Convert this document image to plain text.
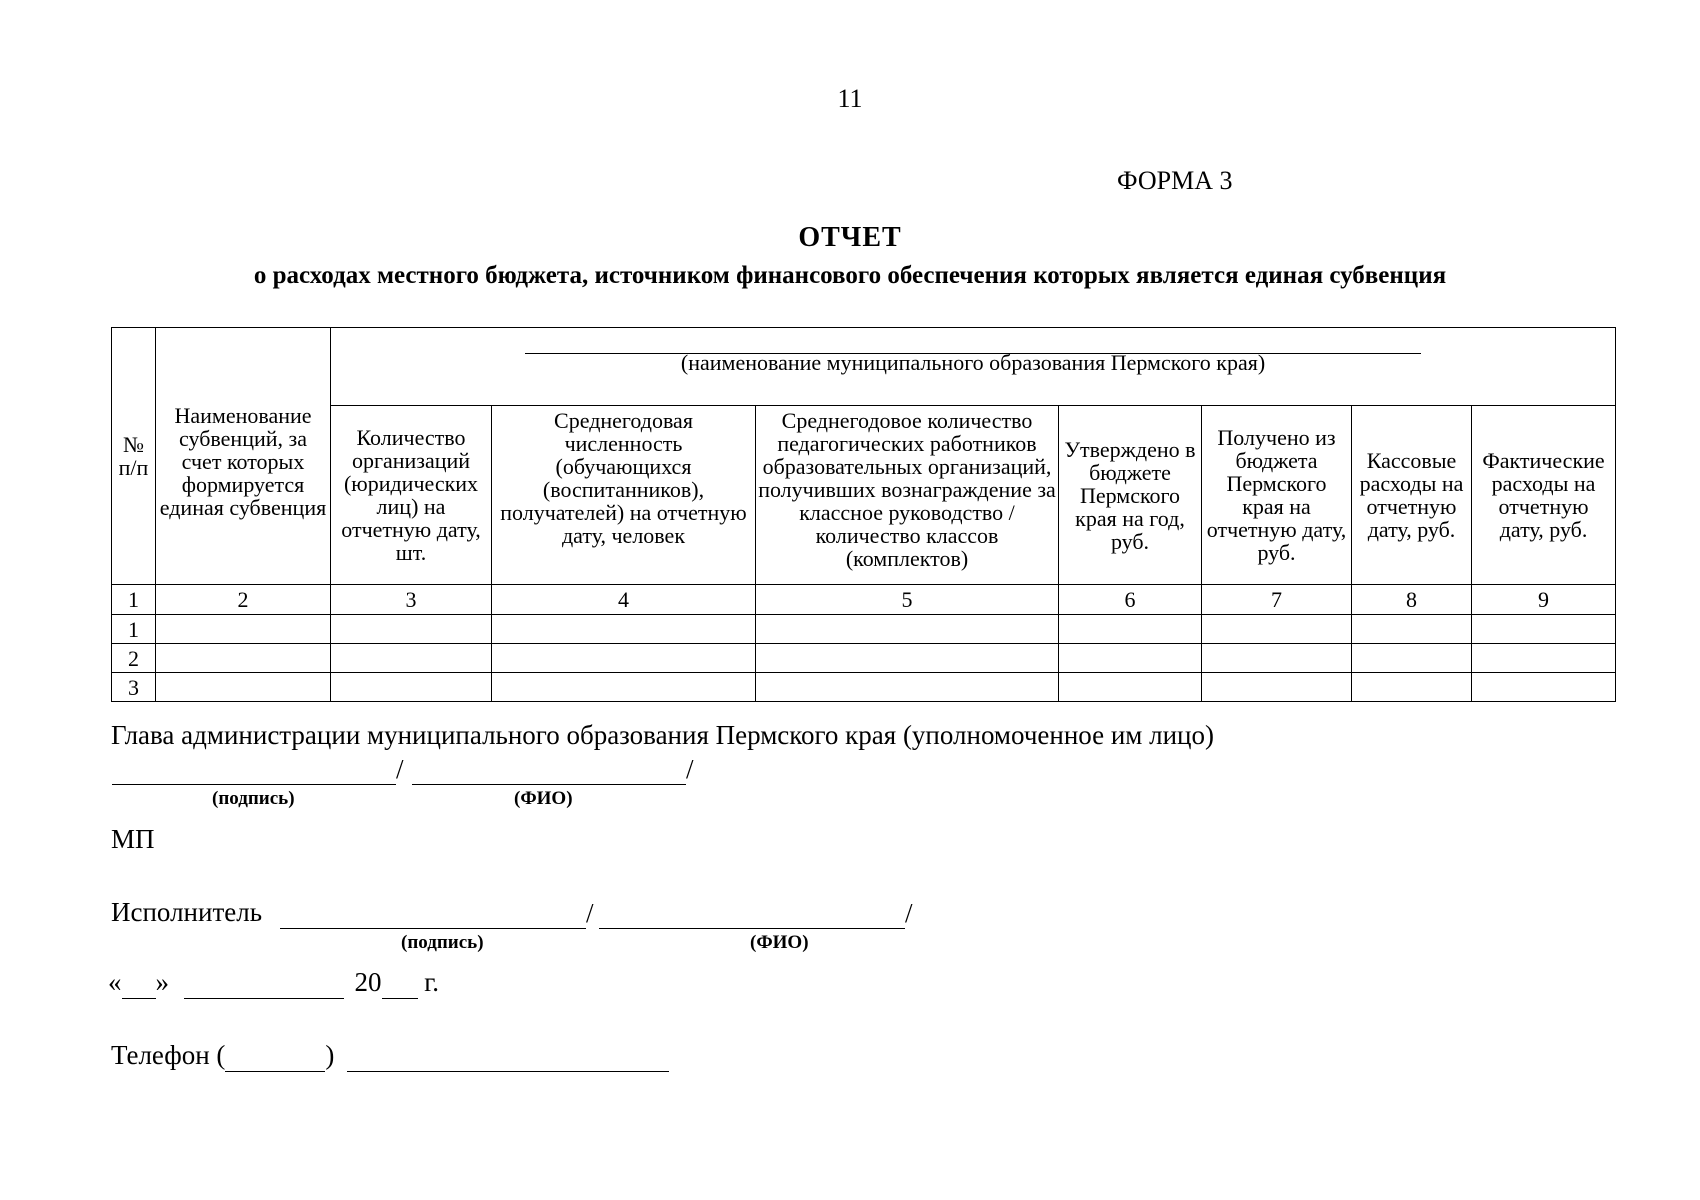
11
ФОРМА 3
ОТЧЕТ
о расходах местного бюджета, источником финансового обеспечения которых является единая субвенция
№ п/п	Наименование субвенций, за счет которых формируется единая субвенция	(наименование муниципального образования Пермского края)						
		Количество организаций (юридических лиц) на отчетную дату, шт.	Среднегодовая численность (обучающихся (воспитанников), получателей) на отчетную дату, человек	Среднегодовое количество педагогических работников образовательных организаций, получивших вознаграждение за классное руководство / количество классов (комплектов)	Утверждено в бюджете Пермского края на год, руб.	Получено из бюджета Пермского края на отчетную дату, руб.	Кассовые расходы на отчетную дату, руб.	Фактические расходы на отчетную дату, руб.
1	2	3	4	5	6	7	8	9
1								
2								
3								
Глава администрации муниципального образования Пермского края (уполномоченное им лицо)
/	/
(подпись)	(ФИО)
МП
Исполнитель	/	/
(подпись)	(ФИО)
« »	20 г.
Телефон (	)
